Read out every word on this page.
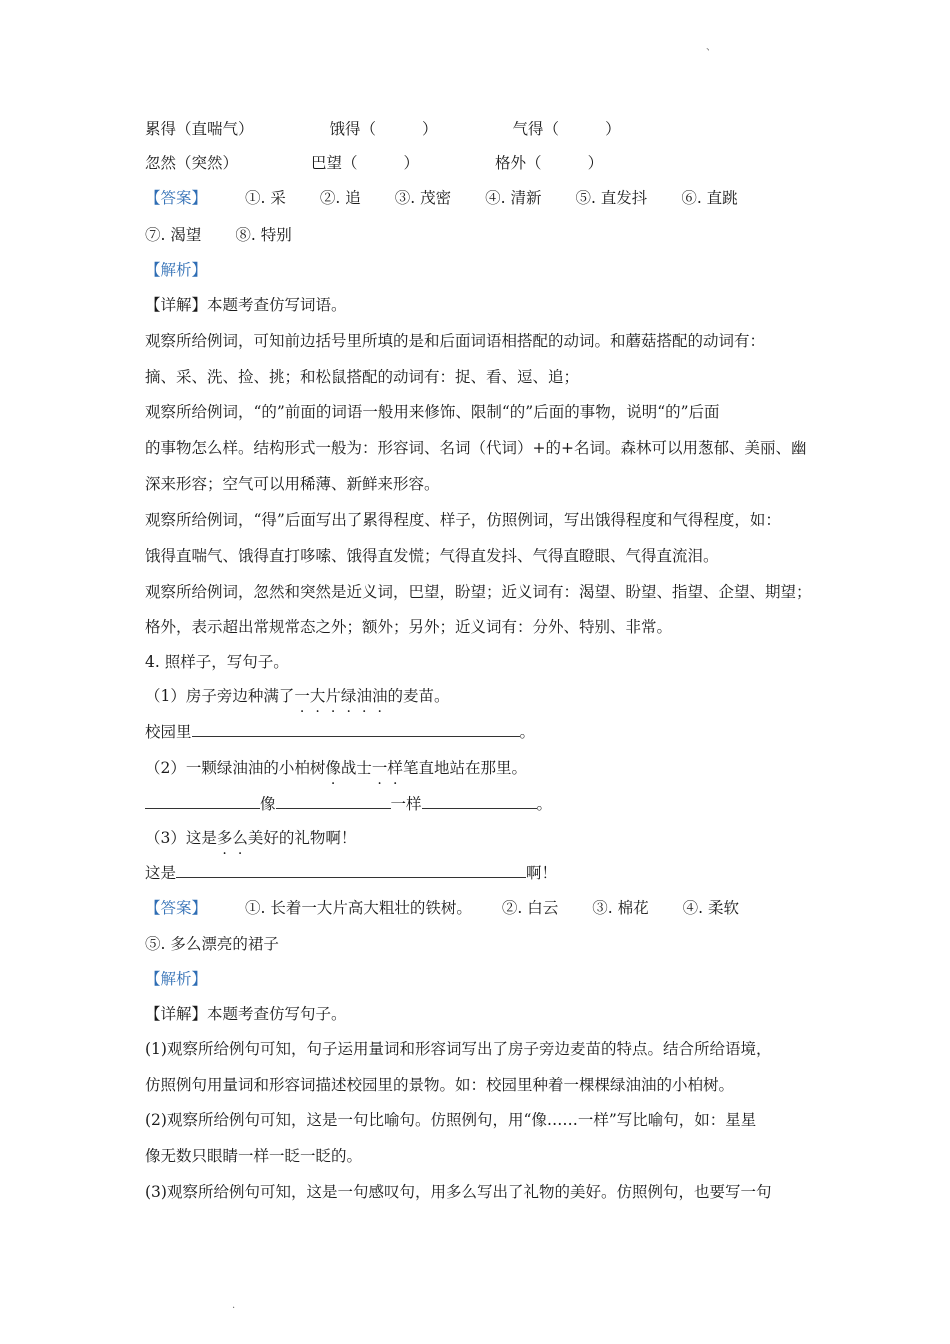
、
累得（直喘气）	饿得（	）	气得（	）
忽然（突然）	巴望（	）	格外（	）
【答案】 ①. 采 ②. 追 ③. 茂密 ④. 清新 ⑤. 直发抖 ⑥. 直跳
⑦. 渴望 ⑧. 特别
【解析】
【详解】本题考查仿写词语。
观察所给例词，可知前边括号里所填的是和后面词语相搭配的动词。和蘑菇搭配的动词有：
摘、采、洗、捡、挑；和松鼠搭配的动词有：捉、看、逗、追；
观察所给例词，“的”前面的词语一般用来修饰、限制“的”后面的事物，说明“的”后面
的事物怎么样。结构形式一般为：形容词、名词（代词）+的+名词。森林可以用葱郁、美丽、幽
深来形容；空气可以用稀薄、新鲜来形容。
观察所给例词，“得”后面写出了累得程度、样子，仿照例词，写出饿得程度和气得程度，如：
饿得直喘气、饿得直打哆嗦、饿得直发慌；气得直发抖、气得直瞪眼、气得直流泪。
观察所给例词，忽然和突然是近义词，巴望，盼望；近义词有：渴望、盼望、指望、企望、期望；
格外，表示超出常规常态之外；额外；另外；近义词有：分外、特别、非常。
4. 照样子，写句子。
（1）房子旁边种满了一大片绿油油的麦苗。
校园里	。
（2）一颗绿油油的小柏树像战士一样笔直地站在那里。
像	一样	。
（3）这是多么美好的礼物啊！
这是	啊！
【答案】 ①. 长着一大片高大粗壮的铁树。 ②. 白云 ③. 棉花 ④. 柔软
⑤. 多么漂亮的裙子
【解析】
【详解】本题考查仿写句子。
(1)观察所给例句可知，句子运用量词和形容词写出了房子旁边麦苗的特点。结合所给语境，
仿照例句用量词和形容词描述校园里的景物。如：校园里种着一棵棵绿油油的小柏树。
(2)观察所给例句可知，这是一句比喻句。仿照例句，用“像……一样”写比喻句，如：星星
像无数只眼睛一样一眨一眨的。
(3)观察所给例句可知，这是一句感叹句，用多么写出了礼物的美好。仿照例句，也要写一句
.
